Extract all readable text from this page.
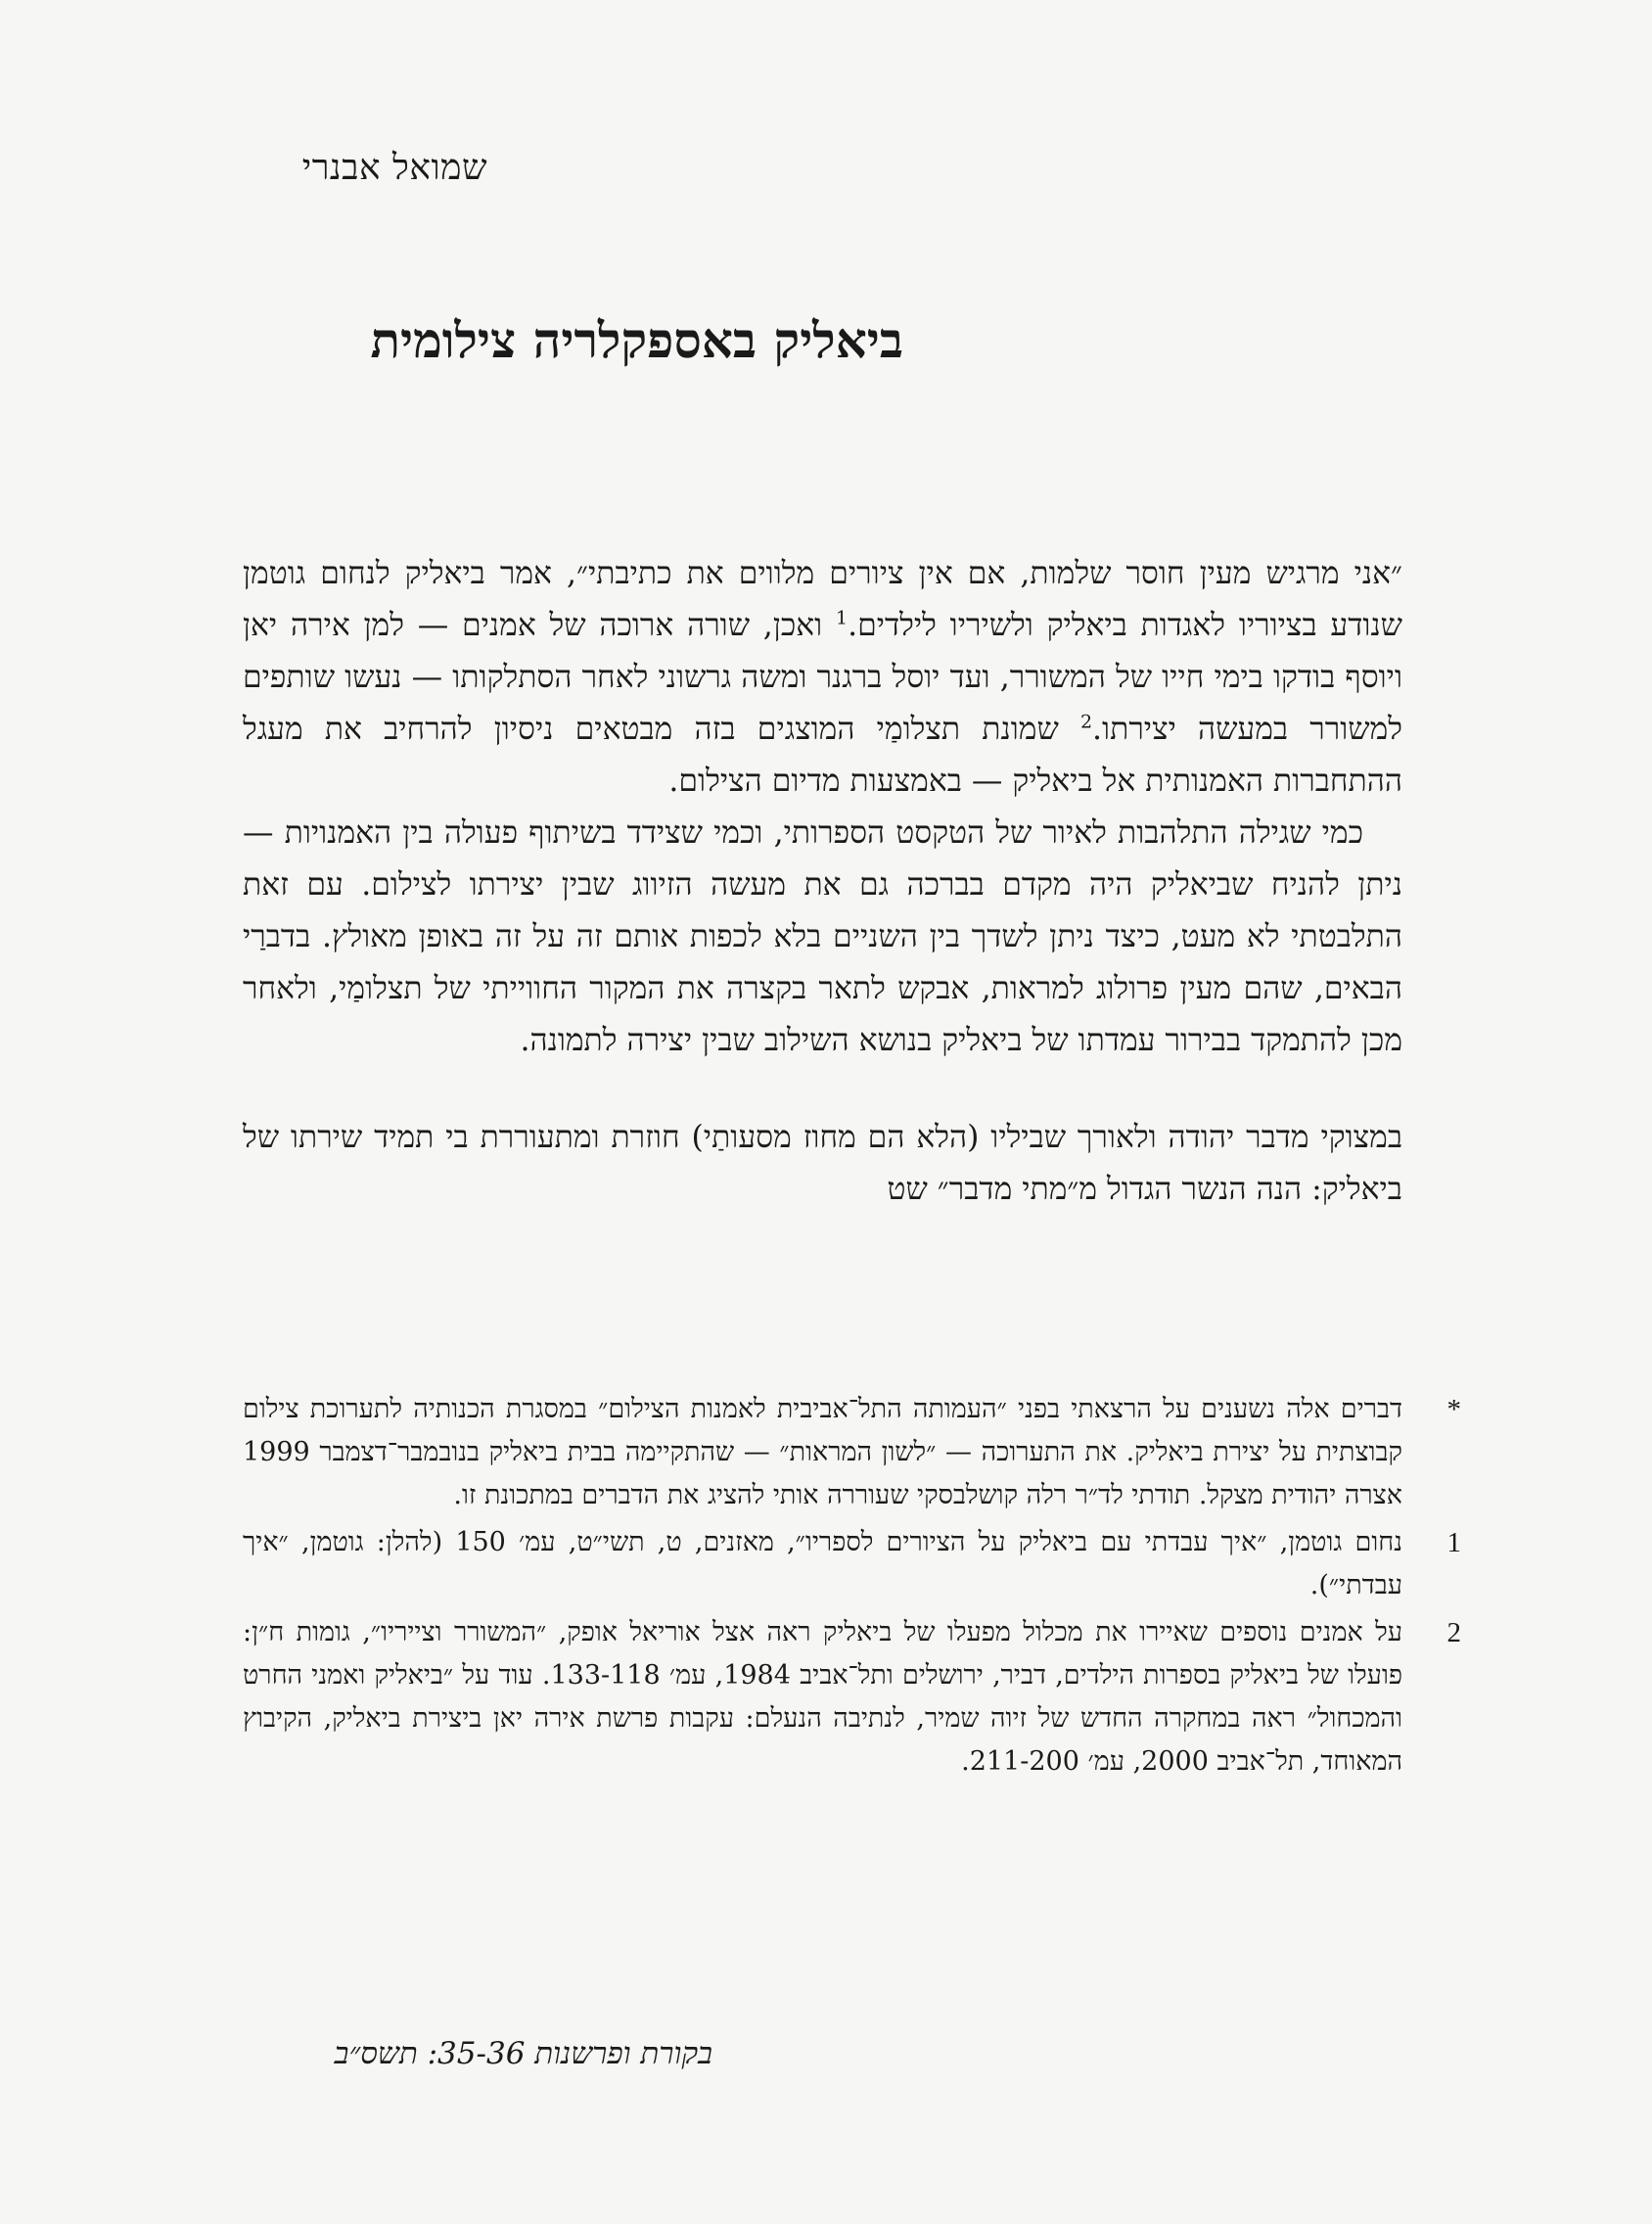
שמואל אבנרי
ביאליק באספקלריה צילומית

״אני מרגיש מעין חוסר שלמות, אם אין ציורים מלווים את כתיבתי״, אמר ביאליק לנחום גוטמן שנודע בציוריו לאגדות ביאליק ולשיריו לילדים.$^1$ ואכן, שורה ארוכה של אמנים — למן אירה יאן ויוסף בודקו בימי חייו של המשורר, ועד יוסל ברגנר ומשה גרשוני לאחר הסתלקותו — נעשו שותפים למשורר במעשה יצירתו.$^2$ שמונת תצלומַי המוצגים בזה מבטאים ניסיון להרחיב את מעגל ההתחברות האמנותית אל ביאליק — באמצעות מדיום הצילום.

כמי שגילה התלהבות לאיור של הטקסט הספרותי, וכמי שצידד בשיתוף פעולה בין האמנויות — ניתן להניח שביאליק היה מקדם בברכה גם את מעשה הזיווג שבין יצירתו לצילום. עם זאת התלבטתי לא מעט, כיצד ניתן לשדך בין השניים בלא לכפות אותם זה על זה באופן מאולץ. בדברַי הבאים, שהם מעין פרולוג למראות, אבקש לתאר בקצרה את המקור החווייתי של תצלומַי, ולאחר מכן להתמקד בבירור עמדתו של ביאליק בנושא השילוב שבין יצירה לתמונה.

במצוקי מדבר יהודה ולאורך שביליו (הלא הם מחוז מסעותַי) חוזרת ומתעוררת בי תמיד שירתו של ביאליק: הנה הנשר הגדול מ״מתי מדבר״ שט

*
דברים אלה נשענים על הרצאתי בפני ״העמותה התל־אביבית לאמנות הצילום״ במסגרת הכנותיה לתערוכת צילום קבוצתית על יצירת ביאליק. את התערוכה — ״לשון המראות״ — שהתקיימה בבית ביאליק בנובמבר־דצמבר 1999 אצרה יהודית מצקל. תודתי לד״ר רלה קושלבסקי שעוררה אותי להציג את הדברים במתכונת זו.
1
נחום גוטמן, ״איך עבדתי עם ביאליק על הציורים לספריו״, מאזנים, ט, תשי״ט, עמ׳ 150 (להלן: גוטמן, ״איך עבדתי״).
2
על אמנים נוספים שאיירו את מכלול מפעלו של ביאליק ראה אצל אוריאל אופק, ״המשורר וצייריו״, גומות ח״ן: פועלו של ביאליק בספרות הילדים, דביר, ירושלים ותל־אביב 1984, עמ׳ 133-118. עוד על ״ביאליק ואמני החרט והמכחול״ ראה במחקרה החדש של זיוה שמיר, לנתיבה הנעלם: עקבות פרשת אירה יאן ביצירת ביאליק, הקיבוץ המאוחד, תל־אביב 2000, עמ׳ 211-200.
בקורת ופרשנות 35-36: תשס״ב
